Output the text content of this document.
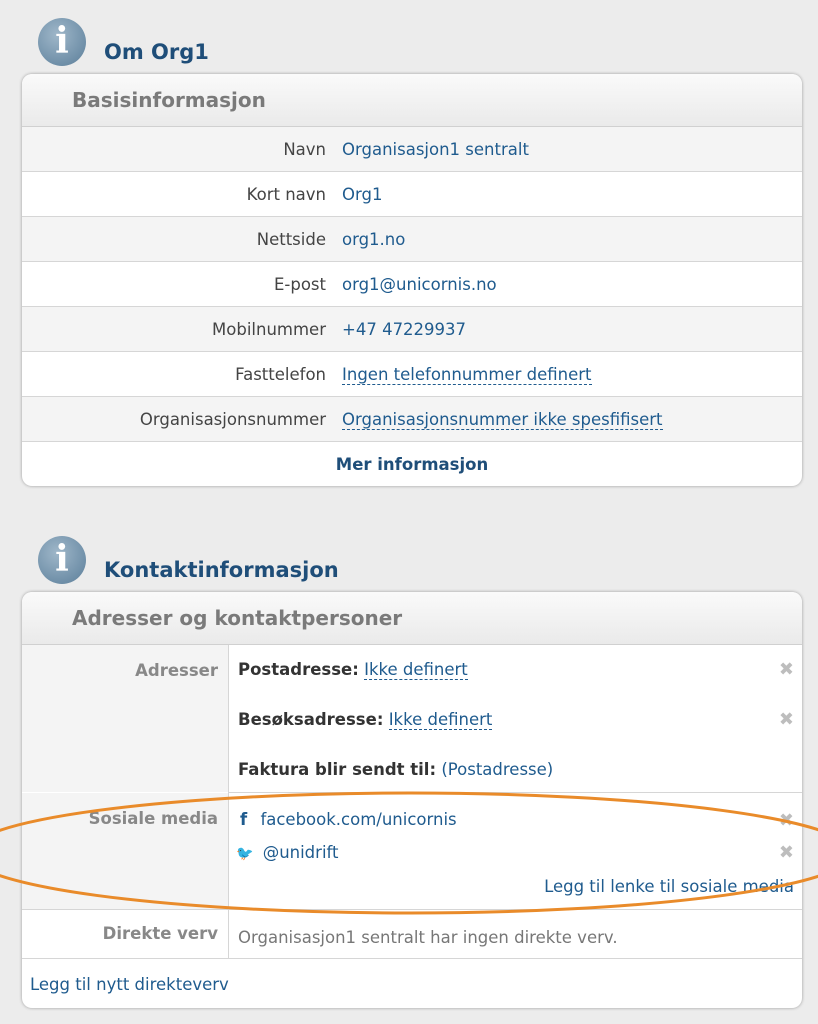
i	Om Org1
Basisinformasjon
Navn Organisasjon1 sentralt
Kort navn Org1
Nettside org1.no
E-post org1@unicornis.no
Mobilnummer +47 47229937
Fasttelefon Ingen telefonnummer definert
Organisasjonsnummer Organisasjonsnummer ikke spesfifisert
Mer informasjon
i	Kontaktinformasjon
Adresser og kontaktpersoner
Adresser Postadresse: Ikke definert	✖
Besøksadresse: Ikke definert	✖
Faktura blir sendt til: (Postadresse)
Sosiale media f facebook.com/unicornis	✖
🐦 @unidrift	✖
Legg til lenke til sosiale media
Direkte verv Organisasjon1 sentralt har ingen direkte verv.
Legg til nytt direkteverv
